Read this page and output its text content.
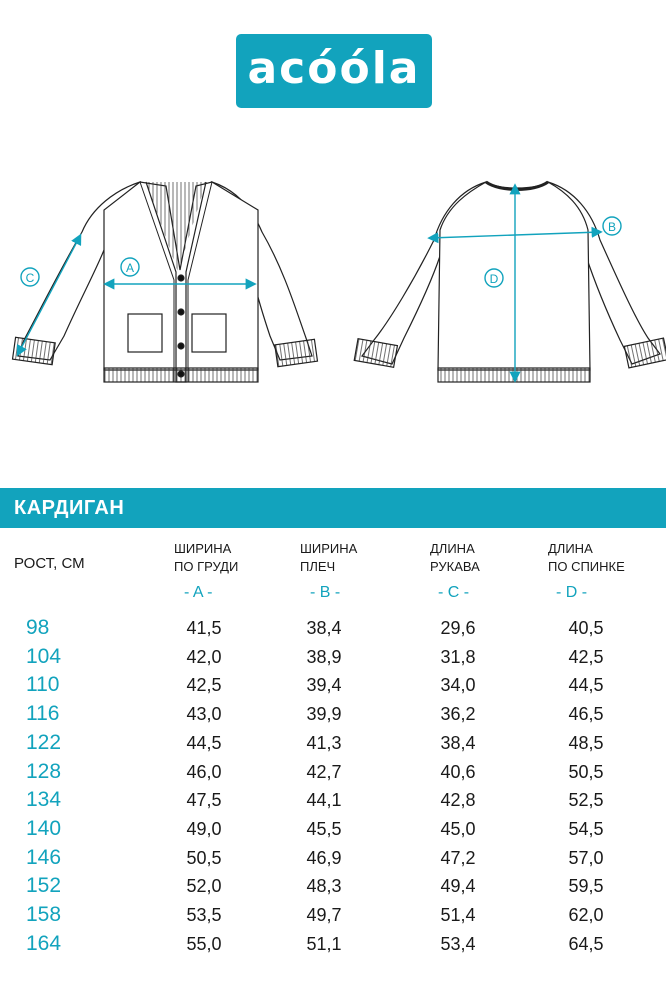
acóóla
A
C
B
D
КАРДИГАН
РОСТ, СМ
ШИРИНА
ПО ГРУДИ
- A -
ШИРИНА
ПЛЕЧ
- B -
ДЛИНА
РУКАВА
- C -
ДЛИНА
ПО СПИНКЕ
- D -
98	41,5	38,4	29,6	40,5
104	42,0	38,9	31,8	42,5
110	42,5	39,4	34,0	44,5
116	43,0	39,9	36,2	46,5
122	44,5	41,3	38,4	48,5
128	46,0	42,7	40,6	50,5
134	47,5	44,1	42,8	52,5
140	49,0	45,5	45,0	54,5
146	50,5	46,9	47,2	57,0
152	52,0	48,3	49,4	59,5
158	53,5	49,7	51,4	62,0
164	55,0	51,1	53,4	64,5
